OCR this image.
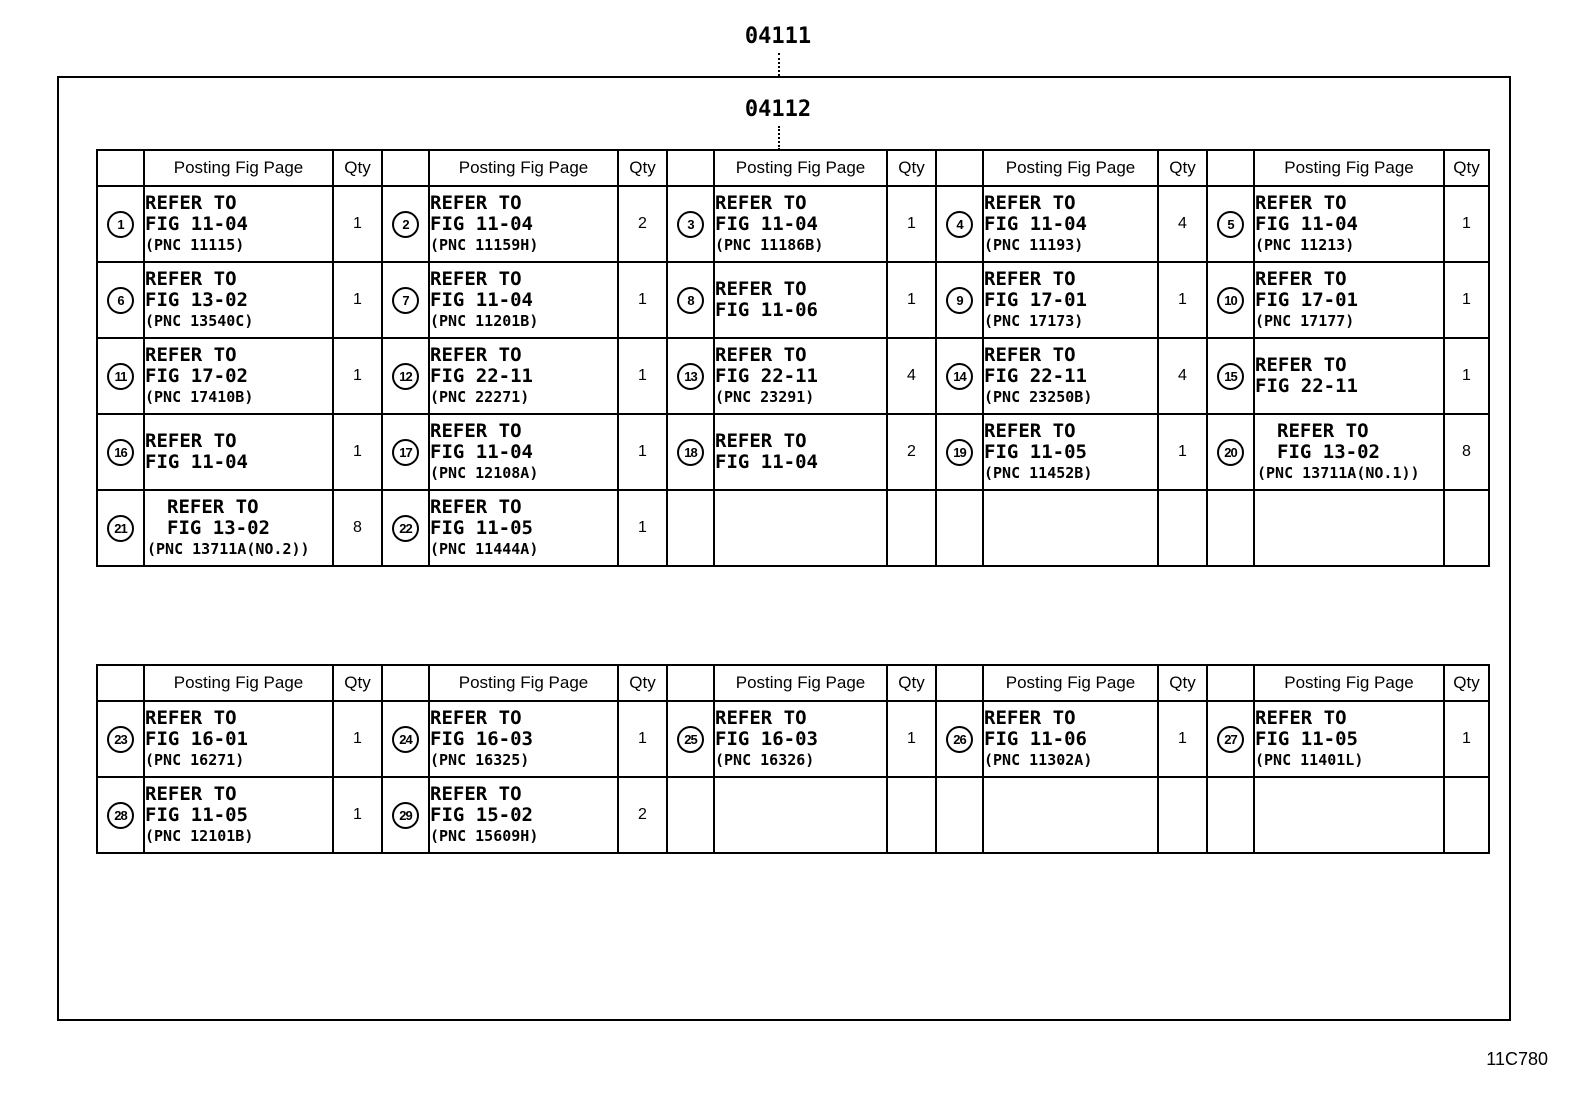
04111
04112
	Posting Fig Page	Qty		Posting Fig Page	Qty		Posting Fig Page	Qty		Posting Fig Page	Qty		Posting Fig Page	Qty
1	REFER TO
FIG 11-04
(PNC 11115)	1	2	REFER TO
FIG 11-04
(PNC 11159H)	2	3	REFER TO
FIG 11-04
(PNC 11186B)	1	4	REFER TO
FIG 11-04
(PNC 11193)	4	5	REFER TO
FIG 11-04
(PNC 11213)	1
6	REFER TO
FIG 13-02
(PNC 13540C)	1	7	REFER TO
FIG 11-04
(PNC 11201B)	1	8	REFER TO
FIG 11-06	1	9	REFER TO
FIG 17-01
(PNC 17173)	1	10	REFER TO
FIG 17-01
(PNC 17177)	1
11	REFER TO
FIG 17-02
(PNC 17410B)	1	12	REFER TO
FIG 22-11
(PNC 22271)	1	13	REFER TO
FIG 22-11
(PNC 23291)	4	14	REFER TO
FIG 22-11
(PNC 23250B)	4	15	REFER TO
FIG 22-11	1
16	REFER TO
FIG 11-04	1	17	REFER TO
FIG 11-04
(PNC 12108A)	1	18	REFER TO
FIG 11-04	2	19	REFER TO
FIG 11-05
(PNC 11452B)	1	20	REFER TO
FIG 13-02
(PNC 13711A(NO.1))	8
21	REFER TO
FIG 13-02
(PNC 13711A(NO.2))	8	22	REFER TO
FIG 11-05
(PNC 11444A)	1									
	Posting Fig Page	Qty		Posting Fig Page	Qty		Posting Fig Page	Qty		Posting Fig Page	Qty		Posting Fig Page	Qty
23	REFER TO
FIG 16-01
(PNC 16271)	1	24	REFER TO
FIG 16-03
(PNC 16325)	1	25	REFER TO
FIG 16-03
(PNC 16326)	1	26	REFER TO
FIG 11-06
(PNC 11302A)	1	27	REFER TO
FIG 11-05
(PNC 11401L)	1
28	REFER TO
FIG 11-05
(PNC 12101B)	1	29	REFER TO
FIG 15-02
(PNC 15609H)	2									
11C780
